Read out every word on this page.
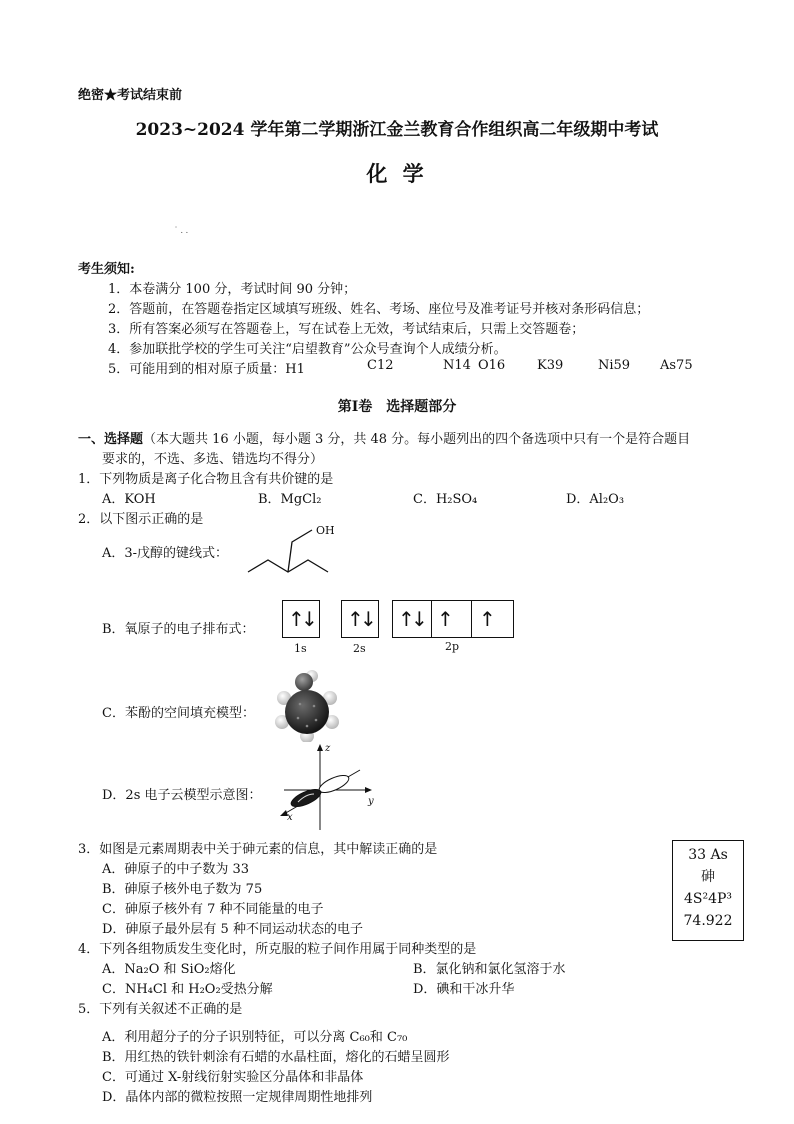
绝密★考试结束前
2023~2024 学年第二学期浙江金兰教育合作组织高二年级期中考试
化 学
˙ . .
考生须知:
1．本卷满分 100 分，考试时间 90 分钟；
2．答题前，在答题卷指定区域填写班级、姓名、考场、座位号及准考证号并核对条形码信息；
3．所有答案必须写在答题卷上，写在试卷上无效，考试结束后，只需上交答题卷；
4．参加联批学校的学生可关注“启望教育”公众号查询个人成绩分析。
5．可能用到的相对原子质量：H1	C12	N14 O16 K39	Ni59 As75
第Ⅰ卷　选择题部分
一、选择题（本大题共 16 小题，每小题 3 分，共 48 分。每小题列出的四个备选项中只有一个是符合题目
要求的，不选、多选、错选均不得分）
1．下列物质是离子化合物且含有共价键的是
A．KOH	B．MgCl₂	C．H₂SO₄	D．Al₂O₃
2．以下图示正确的是
A．3-戊醇的键线式：
OH
B．氧原子的电子排布式： ↑
↓ ↑
↓ ↑
↓ ↑ ↑
1s	2s	2p
C．苯酚的空间填充模型：
D．2s 电子云模型示意图：
z
y
x
3．如图是元素周期表中关于砷元素的信息，其中解读正确的是
A．砷原子的中子数为 33
B．砷原子核外电子数为 75
C．砷原子核外有 7 种不同能量的电子
D．砷原子最外层有 5 种不同运动状态的电子
33 As
砷
4S²4P³
74.922
4．下列各组物质发生变化时，所克服的粒子间作用属于同种类型的是
A．Na₂O 和 SiO₂熔化	B．氯化钠和氯化氢溶于水
C．NH₄Cl 和 H₂O₂受热分解	D．碘和干冰升华
5．下列有关叙述不正确的是
A．利用超分子的分子识别特征，可以分离 C₆₀和 C₇₀
B．用红热的铁针刺涂有石蜡的水晶柱面，熔化的石蜡呈圆形
C．可通过 X-射线衍射实验区分晶体和非晶体
D．晶体内部的微粒按照一定规律周期性地排列
